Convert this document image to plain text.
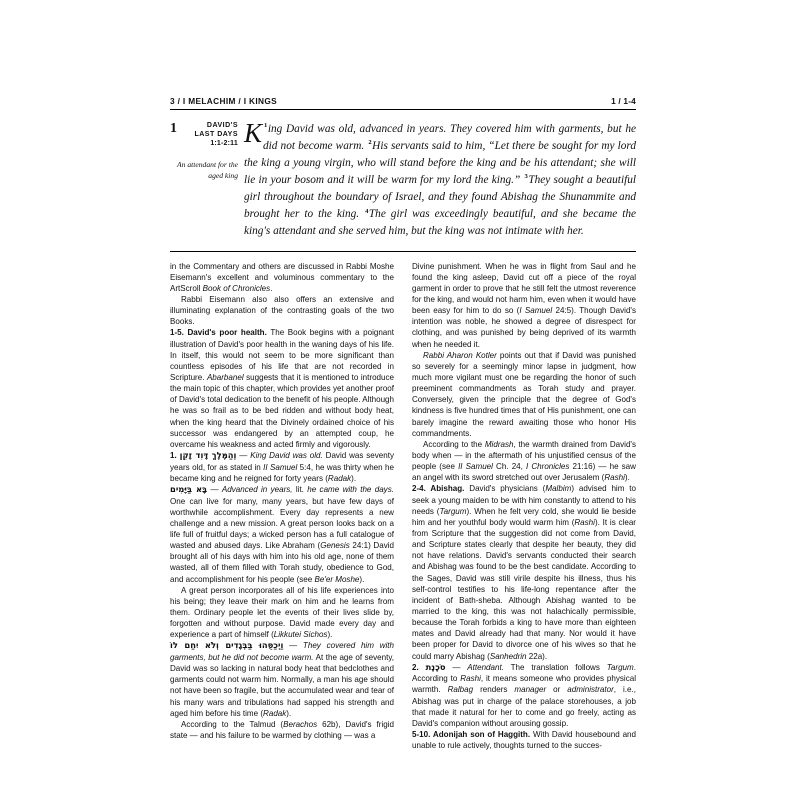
3 / I MELACHIM / I KINGS	1 / 1-4
1	DAVID'S
LAST DAYS
1:1-2:11
An attendant for the aged king
K $^1$ing David was old, advanced in years. They covered him with garments, but he did not become warm. $^2$His servants said to him, “Let there be sought for my lord the king a young virgin, who will stand before the king and be his attendant; she will lie in your bosom and it will be warm for my lord the king.” $^3$They sought a beautiful girl throughout the boundary of Israel, and they found Abishag the Shunammite and brought her to the king. $^4$The girl was exceedingly beautiful, and she became the king's attendant and she served him, but the king was not intimate with her.

in the Commentary and others are discussed in Rabbi Moshe Eisemann's excellent and voluminous commentary to the ArtScroll Book of Chronicles.

Rabbi Eisemann also also offers an extensive and illuminating explanation of the contrasting goals of the two Books.

1-5. David's poor health. The Book begins with a poignant illustration of David's poor health in the waning days of his life. In itself, this would not seem to be more significant than countless episodes of his life that are not recorded in Scripture. Abarbanel suggests that it is mentioned to introduce the main topic of this chapter, which provides yet another proof of David's total dedication to the benefit of his people. Although he was so frail as to be bed ridden and without body heat, when the king heard that the Divinely ordained choice of his successor was endangered by an attempted coup, he overcame his weakness and acted firmly and vigorously.

1. וְהַמֶּלֶךְ דָּוִד זָקֵן — King David was old. David was seventy years old, for as stated in II Samuel 5:4, he was thirty when he became king and he reigned for forty years (Radak).

בָּא בַּיָּמִים — Advanced in years, lit. he came with the days. One can live for many, many years, but have few days of worthwhile accomplishment. Every day represents a new challenge and a new mission. A great person looks back on a life full of fruitful days; a wicked person has a full catalogue of wasted and abused days. Like Abraham (Genesis 24:1) David brought all of his days with him into his old age, none of them wasted, all of them filled with Torah study, obedience to God, and accomplishment for his people (see Be'er Moshe).

A great person incorporates all of his life experiences into his being; they leave their mark on him and he learns from them. Ordinary people let the events of their lives slide by, forgotten and without purpose. David made every day and experience a part of himself (Likkutei Sichos).

וַיְכַסֻּהוּ בַּבְּגָדִים וְלֹא יִחַם לוֹ — They covered him with garments, but he did not become warm. At the age of seventy, David was so lacking in natural body heat that bedclothes and garments could not warm him. Normally, a man his age should not have been so fragile, but the accumulated wear and tear of his many wars and tribulations had sapped his strength and aged him before his time (Radak).

According to the Talmud (Berachos 62b), David's frigid state — and his failure to be warmed by clothing — was a

Divine punishment. When he was in flight from Saul and he found the king asleep, David cut off a piece of the royal garment in order to prove that he still felt the utmost reverence for the king, and would not harm him, even when it would have been easy for him to do so (I Samuel 24:5). Though David's intention was noble, he showed a degree of disrespect for clothing, and was punished by being deprived of its warmth when he needed it.

Rabbi Aharon Kotler points out that if David was punished so severely for a seemingly minor lapse in judgment, how much more vigilant must one be regarding the honor of such preeminent commandments as Torah study and prayer. Conversely, given the principle that the degree of God's kindness is five hundred times that of His punishment, one can barely imagine the reward awaiting those who honor His commandments.

According to the Midrash, the warmth drained from David's body when — in the aftermath of his unjustified census of the people (see II Samuel Ch. 24, I Chronicles 21:16) — he saw an angel with its sword stretched out over Jerusalem (Rashi).

2-4. Abishag. David's physicians (Malbim) advised him to seek a young maiden to be with him constantly to attend to his needs (Targum). When he felt very cold, she would lie beside him and her youthful body would warm him (Rashi). It is clear from Scripture that the suggestion did not come from David, and Scripture states clearly that despite her beauty, they did not have relations. David's servants conducted their search and Abishag was found to be the best candidate. According to the Sages, David was still virile despite his illness, thus his self-control testifies to his life-long repentance after the incident of Bath-sheba. Although Abishag wanted to be married to the king, this was not halachically permissible, because the Torah forbids a king to have more than eighteen mates and David already had that many. Nor would it have been proper for David to divorce one of his wives so that he could marry Abishag (Sanhedrin 22a).

2. סֹכֶנֶת — Attendant. The translation follows Targum. According to Rashi, it means someone who provides physical warmth. Ralbag renders manager or administrator, i.e., Abishag was put in charge of the palace storehouses, a job that made it natural for her to come and go freely, acting as David's companion without arousing gossip.

5-10. Adonijah son of Haggith. With David housebound and unable to rule actively, thoughts turned to the succes-
